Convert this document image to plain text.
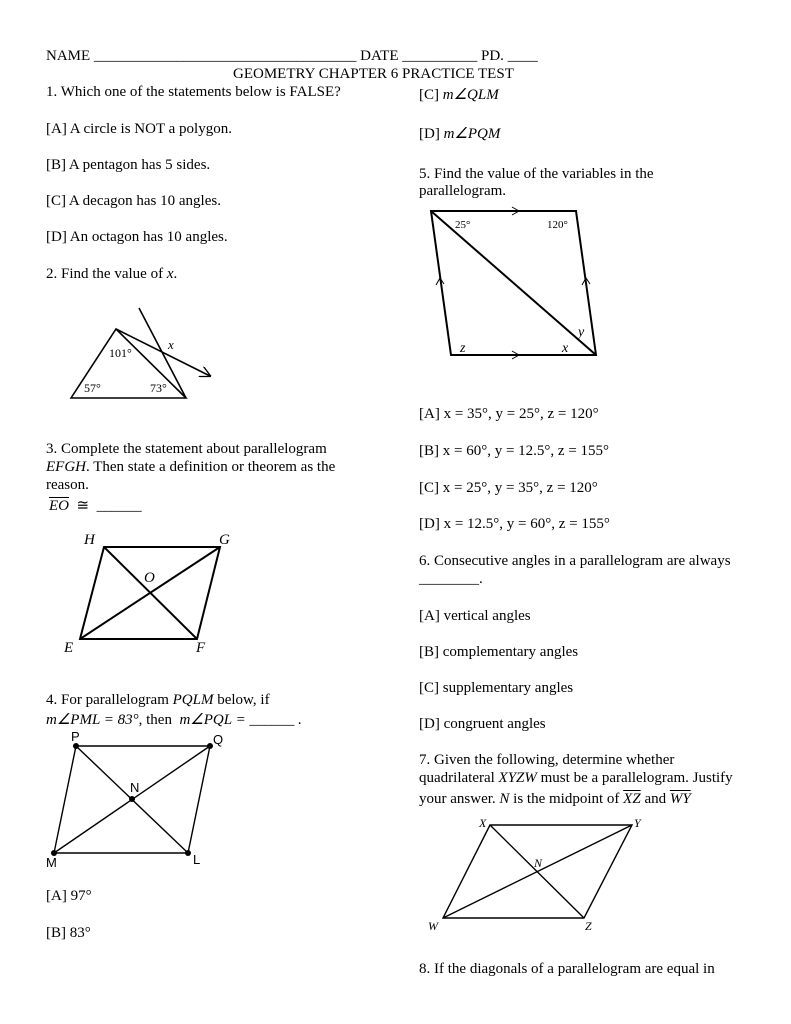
NAME ___________________________________ DATE __________ PD. ____
GEOMETRY CHAPTER 6 PRACTICE TEST
1. Which one of the statements below is FALSE?
[A] A circle is NOT a polygon.
[B] A pentagon has 5 sides.
[C] A decagon has 10 angles.
[D] An octagon has 10 angles.
2. Find the value of x.
3. Complete the statement about parallelogram
EFGH. Then state a definition or theorem as the
reason.
$\overline{EO}$ ≅ ______
4. For parallelogram PQLM below, if
m∠PML = 83°, then m∠PQL = ______ .
[A] 97°
[B] 83°
[C] m∠QLM
[D] m∠PQM
5. Find the value of the variables in the
parallelogram.
[A] x = 35°, y = 25°, z = 120°
[B] x = 60°, y = 12.5°, z = 155°
[C] x = 25°, y = 35°, z = 120°
[D] x = 12.5°, y = 60°, z = 155°
6. Consecutive angles in a parallelogram are always
________.
[A] vertical angles
[B] complementary angles
[C] supplementary angles
[D] congruent angles
7. Given the following, determine whether
quadrilateral XYZW must be a parallelogram. Justify
your answer. N is the midpoint of $\overline{XZ}$ and $\overline{WY}$
8. If the diagonals of a parallelogram are equal in
101°
57°	73°
x
H	G
O
E	F
P	Q
N
M	L
25°	120°
y
z	x
X	Y
N
W	Z
